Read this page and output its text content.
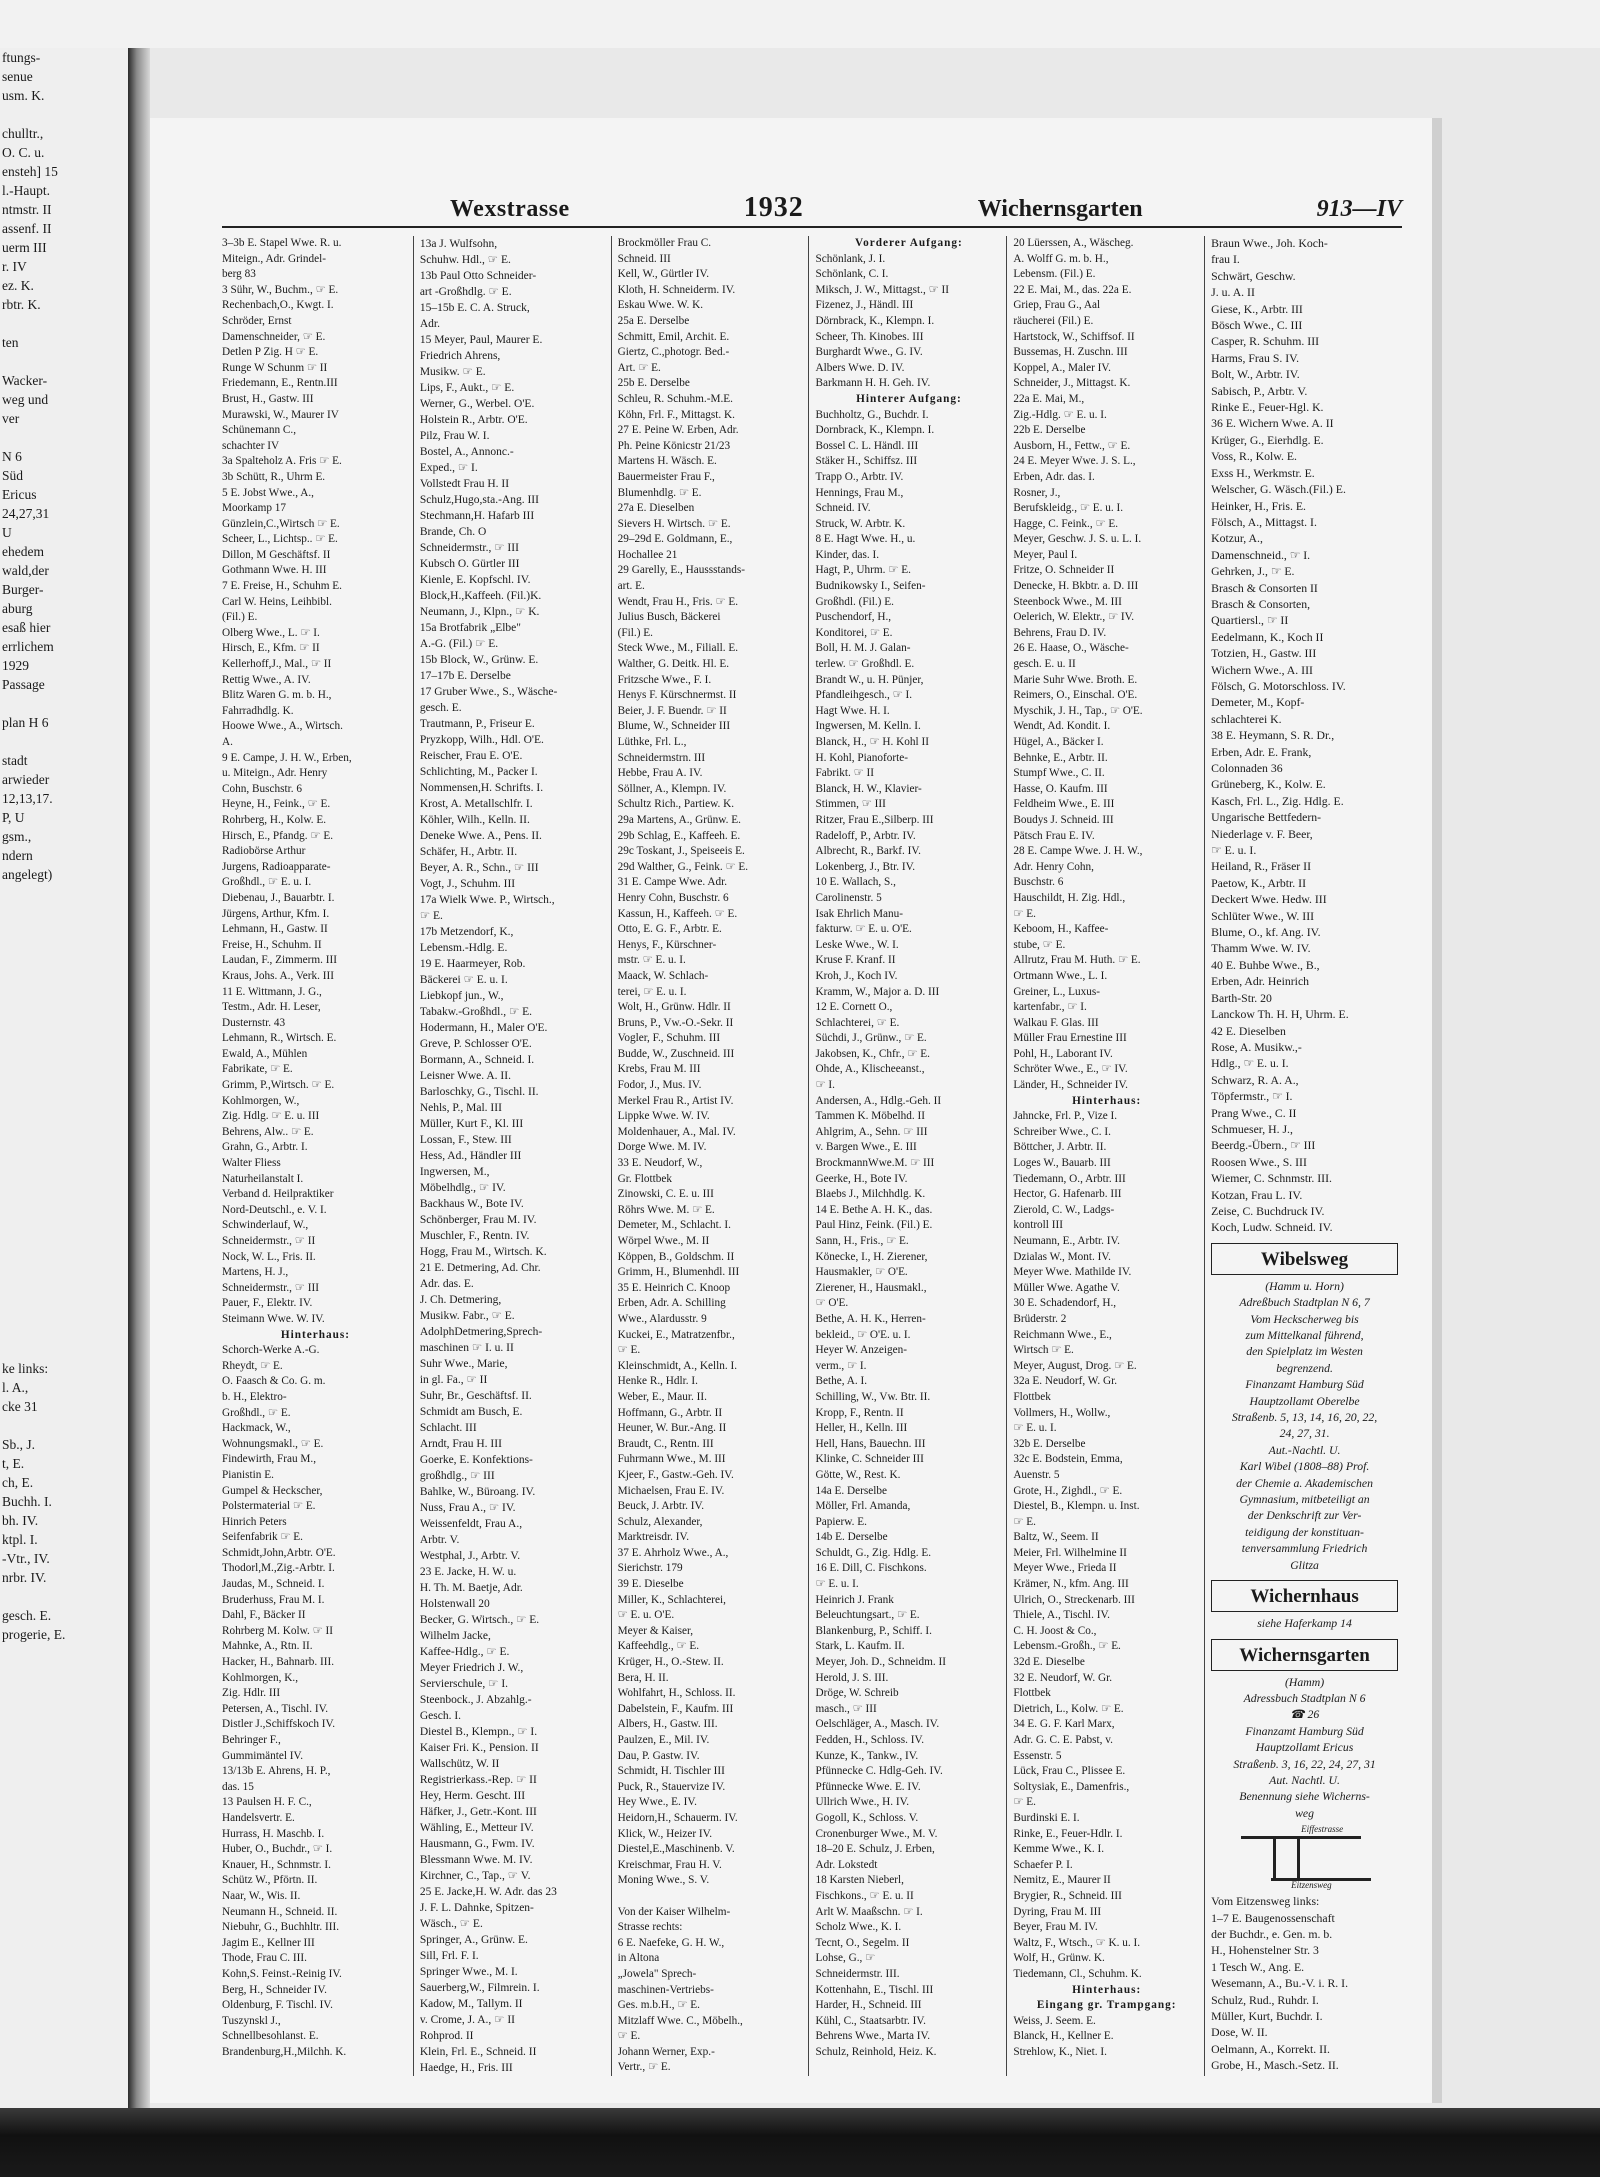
ftungs-
senue
usm. K.

chulltr.,
O. C. u.
ensteh] 15
l.-Haupt.
ntmstr. II
assenf. II
uerm III
r. IV
ez. K.
rbtr. K.

ten

Wacker-
weg und
ver

N 6
Süd
Ericus
24,27,31
U
ehedem
wald,der
Burger-
aburg
esaß hier
errlichem
1929
Passage

plan H 6

stadt
arwieder
12,13,17.
P, U
gsm.,
ndern
angelegt)

ke links:
l. A.,
cke 31

Sb., J.
t, E.
ch, E.
Buchh. I.
bh. IV.
ktpl. I.
-Vtr., IV.
nrbr. IV.

gesch. E.
progerie, E.
Wexstrasse	1932	Wichernsgarten	913—IV
3–3b E. Stapel Wwe. R. u.
Miteign., Adr. Grindel-
berg 83
3 Sühr, W., Buchm., ☞ E.
Rechenbach,O., Kwgt. I.
Schröder, Ernst
Damenschneider, ☞ E.
Detlen P Zig. H ☞ E.
Runge W Schunm ☞ II
Friedemann, E., Rentn.III
Brust, H., Gastw. III
Murawski, W., Maurer IV
Schünemann C.,
schachter IV
3a Spalteholz A. Fris ☞ E.
3b Schütt, R., Uhrm E.
5 E. Jobst Wwe., A.,
Moorkamp 17
Günzlein,C.,Wirtsch ☞ E.
Scheer, L., Lichtsp.. ☞ E.
Dillon, M Geschäftsf. II
Gothmann Wwe. H. III
7 E. Freise, H., Schuhm E.
Carl W. Heins, Leihbibl.
(Fil.) E.
Olberg Wwe., L. ☞ I.
Hirsch, E., Kfm. ☞ II
Kellerhoff,J., Mal., ☞ II
Rettig Wwe., A. IV.
Blitz Waren G. m. b. H.,
Fahrradhdlg. K.
Hoowe Wwe., A., Wirtsch.
A.
9 E. Campe, J. H. W., Erben,
u. Miteign., Adr. Henry
Cohn, Buschstr. 6
Heyne, H., Feink., ☞ E.
Rohrberg, H., Kolw. E.
Hirsch, E., Pfandg. ☞ E.
Radiobörse Arthur
Jurgens, Radioapparate-
Großhdl., ☞ E. u. I.
Diebenau, J., Bauarbtr. I.
Jürgens, Arthur, Kfm. I.
Lehmann, H., Gastw. II
Freise, H., Schuhm. II
Laudan, F., Zimmerm. III
Kraus, Johs. A., Verk. III
11 E. Wittmann, J. G.,
Testm., Adr. H. Leser,
Dusternstr. 43
Lehmann, R., Wirtsch. E.
Ewald, A., Mühlen
Fabrikate, ☞ E.
Grimm, P.,Wirtsch. ☞ E.
Kohlmorgen, W.,
Zig. Hdlg. ☞ E. u. III
Behrens, Alw.. ☞ E.
Grahn, G., Arbtr. I.
Walter Fliess
Naturheilanstalt I.
Verband d. Heilpraktiker
Nord-Deutschl., e. V. I.
Schwinderlauf, W.,
Schneidermstr., ☞ II
Nock, W. L., Fris. II.
Martens, H. J.,
Schneidermstr., ☞ III
Pauer, F., Elektr. IV.
Steimann Wwe. W. IV.
Hinterhaus:
Schorch-Werke A.-G.
Rheydt, ☞ E.
O. Faasch & Co. G. m.
b. H., Elektro-
Großhdl., ☞ E.
Hackmack, W.,
Wohnungsmakl., ☞ E.
Findewirth, Frau M.,
Pianistin E.
Gumpel & Heckscher,
Polstermaterial ☞ E.
Hinrich Peters
Seifenfabrik ☞ E.
Schmidt,John,Arbtr. O'E.
Thodorl,M.,Zig.-Arbtr. I.
Jaudas, M., Schneid. I.
Bruderhuss, Frau M. I.
Dahl, F., Bäcker II
Rohrberg M. Kolw. ☞ II
Mahnke, A., Rtn. II.
Hacker, H., Bahnarb. III.
Kohlmorgen, K.,
Zig. Hdlr. III
Petersen, A., Tischl. IV.
Distler J.,Schiffskoch IV.
Behringer F.,
Gummimäntel IV.
13/13b E. Ahrens, H. P.,
das. 15
13 Paulsen H. F. C.,
Handelsvertr. E.
Hurrass, H. Maschb. I.
Huber, O., Buchdr., ☞ I.
Knauer, H., Schnmstr. I.
Schütz W., Pförtn. II.
Naar, W., Wis. II.
Neumann H., Schneid. II.
Niebuhr, G., Buchhltr. III.
Jagim E., Kellner III
Thode, Frau C. III.
Kohn,S. Feinst.-Reinig IV.
Berg, H., Schneider IV.
Oldenburg, F. Tischl. IV.
Tuszynskl J.,
Schnellbesohlanst. E.
Brandenburg,H.,Milchh. K.
13a J. Wulfsohn,
Schuhw. Hdl., ☞ E.
13b Paul Otto Schneider-
art -Großhdlg. ☞ E.
15–15b E. C. A. Struck,
Adr.
15 Meyer, Paul, Maurer E.
Friedrich Ahrens,
Musikw. ☞ E.
Lips, F., Aukt., ☞ E.
Werner, G., Werbel. O'E.
Holstein R., Arbtr. O'E.
Pilz, Frau W. I.
Bostel, A., Annonc.-
Exped., ☞ I.
Vollstedt Frau H. II
Schulz,Hugo,sta.-Ang. III
Stechmann,H. Hafarb III
Brande, Ch. O
Schneidermstr., ☞ III
Kubsch O. Gürtler III
Kienle, E. Kopfschl. IV.
Block,H.,Kaffeeh. (Fil.)K.
Neumann, J., Klpn., ☞ K.
15a Brotfabrik „Elbe"
A.-G. (Fil.) ☞ E.
15b Block, W., Grünw. E.
17–17b E. Derselbe
17 Gruber Wwe., S., Wäsche-
gesch. E.
Trautmann, P., Friseur E.
Pryzkopp, Wilh., Hdl. O'E.
Reischer, Frau E. O'E.
Schlichting, M., Packer I.
Nommensen,H. Schrifts. I.
Krost, A. Metallschlfr. I.
Köhler, Wilh., Kelln. II.
Deneke Wwe. A., Pens. II.
Schäfer, H., Arbtr. II.
Beyer, A. R., Schn., ☞ III
Vogt, J., Schuhm. III
17a Wielk Wwe. P., Wirtsch.,
☞ E.
17b Metzendorf, K.,
Lebensm.-Hdlg. E.
19 E. Haarmeyer, Rob.
Bäckerei ☞ E. u. I.
Liebkopf jun., W.,
Tabakw.-Großhdl., ☞ E.
Hodermann, H., Maler O'E.
Greve, P. Schlosser O'E.
Bormann, A., Schneid. I.
Leisner Wwe. A. II.
Barloschky, G., Tischl. II.
Nehls, P., Mal. III
Müller, Kurt F., Kl. III
Lossan, F., Stew. III
Hess, Ad., Händler III
Ingwersen, M.,
Möbelhdlg., ☞ IV.
Backhaus W., Bote IV.
Schönberger, Frau M. IV.
Muschler, F., Rentn. IV.
Hogg, Frau M., Wirtsch. K.
21 E. Detmering, Ad. Chr.
Adr. das. E.
J. Ch. Detmering,
Musikw. Fabr., ☞ E.
AdolphDetmering,Sprech-
maschinen ☞ I. u. II
Suhr Wwe., Marie,
in gl. Fa., ☞ II
Suhr, Br., Geschäftsf. II.
Schmidt am Busch, E.
Schlacht. III
Arndt, Frau H. III
Goerke, E. Konfektions-
großhdlg., ☞ III
Bahlke, W., Büroang. IV.
Nuss, Frau A., ☞ IV.
Weissenfeldt, Frau A.,
Arbtr. V.
Westphal, J., Arbtr. V.
23 E. Jacke, H. W. u.
H. Th. M. Baetje, Adr.
Holstenwall 20
Becker, G. Wirtsch., ☞ E.
Wilhelm Jacke,
Kaffee-Hdlg., ☞ E.
Meyer Friedrich J. W.,
Servierschule, ☞ I.
Steenbock., J. Abzahlg.-
Gesch. I.
Diestel B., Klempn., ☞ I.
Kaiser Fri. K., Pension. II
Wallschütz, W. II
Registrierkass.-Rep. ☞ II
Hey, Herm. Gescht. III
Häfker, J., Getr.-Kont. III
Wähling, E., Metteur IV.
Hausmann, G., Fwm. IV.
Blessmann Wwe. M. IV.
Kirchner, C., Tap., ☞ V.
25 E. Jacke,H. W. Adr. das 23
J. F. L. Dahnke, Spitzen-
Wäsch., ☞ E.
Springer, A., Grünw. E.
Sill, Frl. F. I.
Springer Wwe., M. I.
Sauerberg,W., Filmrein. I.
Kadow, M., Tallym. II
v. Crome, J. A., ☞ II
Rohprod. II
Klein, Frl. E., Schneid. II
Haedge, H., Fris. III
Brockmöller Frau C.
Schneid. III
Kell, W., Gürtler IV.
Kloth, H. Schneiderm. IV.
Eskau Wwe. W. K.
25a E. Derselbe
Schmitt, Emil, Archit. E.
Giertz, C.,photogr. Bed.-
Art. ☞ E.
25b E. Derselbe
Schleu, R. Schuhm.-M.E.
Köhn, Frl. F., Mittagst. K.
27 E. Peine W. Erben, Adr.
Ph. Peine Könicstr 21/23
Martens H. Wäsch. E.
Bauermeister Frau F.,
Blumenhdlg. ☞ E.
27a E. Dieselben
Sievers H. Wirtsch. ☞ E.
29–29d E. Goldmann, E.,
Hochallee 21
29 Garelly, E., Haussstands-
art. E.
Wendt, Frau H., Fris. ☞ E.
Julius Busch, Bäckerei
(Fil.) E.
Steck Wwe., M., Filiall. E.
Walther, G. Deitk. Hl. E.
Fritzsche Wwe., F. I.
Henys F. Kürschnermst. II
Beier, J. F. Buendr. ☞ II
Blume, W., Schneider III
Lüthke, Frl. L.,
Schneidermstrn. III
Hebbe, Frau A. IV.
Söllner, A., Klempn. IV.
Schultz Rich., Partiew. K.
29a Martens, A., Grünw. E.
29b Schlag, E., Kaffeeh. E.
29c Toskant, J., Speiseeis E.
29d Walther, G., Feink. ☞ E.
31 E. Campe Wwe. Adr.
Henry Cohn, Buschstr. 6
Kassun, H., Kaffeeh. ☞ E.
Otto, E. G. F., Arbtr. E.
Henys, F., Kürschner-
mstr. ☞ E. u. I.
Maack, W. Schlach-
terei, ☞ E. u. I.
Wolt, H., Grünw. Hdlr. II
Bruns, P., Vw.-O.-Sekr. II
Vogler, F., Schuhm. III
Budde, W., Zuschneid. III
Krebs, Frau M. III
Fodor, J., Mus. IV.
Merkel Frau R., Artist IV.
Lippke Wwe. W. IV.
Moldenhauer, A., Mal. IV.
Dorge Wwe. M. IV.
33 E. Neudorf, W.,
Gr. Flottbek
Zinowski, C. E. u. III
Röhrs Wwe. M. ☞ E.
Demeter, M., Schlacht. I.
Wörpel Wwe., M. II
Köppen, B., Goldschm. II
Grimm, H., Blumenhdl. III
35 E. Heinrich C. Knoop
Erben, Adr. A. Schilling
Wwe., Alardusstr. 9
Kuckei, E., Matratzenfbr.,
☞ E.
Kleinschmidt, A., Kelln. I.
Henke R., Hdlr. I.
Weber, E., Maur. II.
Hoffmann, G., Arbtr. II
Heuner, W. Bur.-Ang. II
Braudt, C., Rentn. III
Fuhrmann Wwe., M. III
Kjeer, F., Gastw.-Geh. IV.
Michaelsen, Frau E. IV.
Beuck, J. Arbtr. IV.
Schulz, Alexander,
Marktreisdr. IV.
37 E. Ahrholz Wwe., A.,
Sierichstr. 179
39 E. Dieselbe
Miller, K., Schlachterei,
☞ E. u. O'E.
Meyer & Kaiser,
Kaffeehdlg., ☞ E.
Krüger, H., O.-Stew. II.
Bera, H. II.
Wohlfahrt, H., Schloss. II.
Dabelstein, F., Kaufm. III
Albers, H., Gastw. III.
Paulzen, E., Mil. IV.
Dau, P. Gastw. IV.
Schmidt, H. Tischler III
Puck, R., Stauervize IV.
Hey Wwe., E. IV.
Heidorn,H., Schauerm. IV.
Klick, W., Heizer IV.
Diestel,E.,Maschinenb. V.
Kreischmar, Frau H. V.
Moning Wwe., S. V.

Von der Kaiser Wilhelm-
Strasse rechts:
6 E. Naefeke, G. H. W.,
in Altona
„Jowela" Sprech-
maschinen-Vertriebs-
Ges. m.b.H., ☞ E.
Mitzlaff Wwe. C., Möbelh.,
☞ E.
Johann Werner, Exp.-
Vertr., ☞ E.
Vorderer Aufgang:
Schönlank, J. I.
Schönlank, C. I.
Miksch, J. W., Mittagst., ☞ II
Fizenez, J., Händl. III
Dörnbrack, K., Klempn. I.
Scheer, Th. Kinobes. III
Burghardt Wwe., G. IV.
Albers Wwe. D. IV.
Barkmann H. H. Geh. IV.
Hinterer Aufgang:
Buchholtz, G., Buchdr. I.
Dornbrack, K., Klempn. I.
Bossel C. L. Händl. III
Stäker H., Schiffsz. III
Trapp O., Arbtr. IV.
Hennings, Frau M.,
Schneid. IV.
Struck, W. Arbtr. K.
8 E. Hagt Wwe. H., u.
Kinder, das. I.
Hagt, P., Uhrm. ☞ E.
Budnikowsky I., Seifen-
Großhdl. (Fil.) E.
Puschendorf, H.,
Konditorei, ☞ E.
Boll, H. M. J. Galan-
terlew. ☞ Großhdl. E.
Brandt W., u. H. Pünjer,
Pfandleihgesch., ☞ I.
Hagt Wwe. H. I.
Ingwersen, M. Kelln. I.
Blanck, H., ☞ H. Kohl II
H. Kohl, Pianoforte-
Fabrikt. ☞ II
Blanck, H. W., Klavier-
Stimmen, ☞ III
Ritzer, Frau E.,Silberp. III
Radeloff, P., Arbtr. IV.
Albrecht, R., Barkf. IV.
Lokenberg, J., Btr. IV.
10 E. Wallach, S.,
Carolinenstr. 5
Isak Ehrlich Manu-
fakturw. ☞ E. u. O'E.
Leske Wwe., W. I.
Kruse F. Kranf. II
Kroh, J., Koch IV.
Kramm, W., Major a. D. III
12 E. Cornett O.,
Schlachterei, ☞ E.
Süchdi, J., Grünw., ☞ E.
Jakobsen, K., Chfr., ☞ E.
Ohde, A., Klischeeanst.,
☞ I.
Andersen, A., Hdlg.-Geh. II
Tammen K. Möbelhd. II
Ahlgrim, A., Sehn. ☞ III
v. Bargen Wwe., E. III
BrockmannWwe.M. ☞ III
Geerke, H., Bote IV.
Blaebs J., Milchhdlg. K.
14 E. Bethe A. H. K., das.
Paul Hinz, Feink. (Fil.) E.
Sann, H., Fris., ☞ E.
Könecke, I., H. Zierener,
Hausmakler, ☞ O'E.
Zierener, H., Hausmakl.,
☞ O'E.
Bethe, A. H. K., Herren-
bekleid., ☞ O'E. u. I.
Heyer W. Anzeigen-
verm., ☞ I.
Bethe, A. I.
Schilling, W., Vw. Btr. II.
Kropp, F., Rentn. II
Heller, H., Kelln. III
Hell, Hans, Bauechn. III
Klinke, C. Schneider III
Götte, W., Rest. K.
14a E. Derselbe
Möller, Frl. Amanda,
Papierw. E.
14b E. Derselbe
Schuldt, G., Zig. Hdlg. E.
16 E. Dill, C. Fischkons.
☞ E. u. I.
Heinrich J. Frank
Beleuchtungsart., ☞ E.
Blankenburg, P., Schiff. I.
Stark, L. Kaufm. II.
Meyer, Joh. D., Schneidm. II
Herold, J. S. III.
Dröge, W. Schreib
masch., ☞ III
Oelschläger, A., Masch. IV.
Fedden, H., Schloss. IV.
Kunze, K., Tankw., IV.
Pfünnecke C. Hdlg-Geh. IV.
Pfünnecke Wwe. E. IV.
Ullrich Wwe., H. IV.
Gogoll, K., Schloss. V.
Cronenburger Wwe., M. V.
18–20 E. Schulz, J. Erben,
Adr. Lokstedt
18 Karsten Nieberl,
Fischkons., ☞ E. u. II
Arlt W. Maaßschn. ☞ I.
Scholz Wwe., K. I.
Tecnt, O., Segelm. II
Lohse, G., ☞
Schneidermstr. III.
Kottenhahn, E., Tischl. III
Harder, H., Schneid. III
Kühl, C., Staatsarbtr. IV.
Behrens Wwe., Marta IV.
Schulz, Reinhold, Heiz. K.
20 Lüerssen, A., Wäscheg.
A. Wolff G. m. b. H.,
Lebensm. (Fil.) E.
22 E. Mai, M., das. 22a E.
Griep, Frau G., Aal
räucherei (Fil.) E.
Hartstock, W., Schiffsof. II
Bussemas, H. Zuschn. III
Koppel, A., Maler IV.
Schneider, J., Mittagst. K.
22a E. Mai, M.,
Zig.-Hdlg. ☞ E. u. I.
22b E. Derselbe
Ausborn, H., Fettw., ☞ E.
24 E. Meyer Wwe. J. S. L.,
Erben, Adr. das. I.
Rosner, J.,
Berufskleidg., ☞ E. u. I.
Hagge, C. Feink., ☞ E.
Meyer, Geschw. J. S. u. L. I.
Meyer, Paul I.
Fritze, O. Schneider II
Denecke, H. Bkbtr. a. D. III
Steenbock Wwe., M. III
Oelerich, W. Elektr., ☞ IV.
Behrens, Frau D. IV.
26 E. Haase, O., Wäsche-
gesch. E. u. II
Marie Suhr Wwe. Broth. E.
Reimers, O., Einschal. O'E.
Myschik, J. H., Tap., ☞ O'E.
Wendt, Ad. Kondit. I.
Hügel, A., Bäcker I.
Behnke, E., Arbtr. II.
Stumpf Wwe., C. II.
Hasse, O. Kaufm. III
Feldheim Wwe., E. III
Boudys J. Schneid. III
Pätsch Frau E. IV.
28 E. Campe Wwe. J. H. W.,
Adr. Henry Cohn,
Buschstr. 6
Hauschildt, H. Zig. Hdl.,
☞ E.
Keboom, H., Kaffee-
stube, ☞ E.
Allrutz, Frau M. Huth. ☞ E.
Ortmann Wwe., L. I.
Greiner, L., Luxus-
kartenfabr., ☞ I.
Walkau F. Glas. III
Müller Frau Ernestine III
Pohl, H., Laborant IV.
Schröter Wwe., E., ☞ IV.
Länder, H., Schneider IV.
Hinterhaus:
Jahncke, Frl. P., Vize I.
Schreiber Wwe., C. I.
Böttcher, J. Arbtr. II.
Loges W., Bauarb. III
Tiedemann, O., Arbtr. III
Hector, G. Hafenarb. III
Zierold, C. W., Ladgs-
kontroll III
Neumann, E., Arbtr. IV.
Dzialas W., Mont. IV.
Meyer Wwe. Mathilde IV.
Müller Wwe. Agathe V.
30 E. Schadendorf, H.,
Brüderstr. 2
Reichmann Wwe., E.,
Wirtsch ☞ E.
Meyer, August, Drog. ☞ E.
32a E. Neudorf, W. Gr.
Flottbek
Vollmers, H., Wollw.,
☞ E. u. I.
32b E. Derselbe
32c E. Bodstein, Emma,
Auenstr. 5
Grote, H., Zighdl., ☞ E.
Diestel, B., Klempn. u. Inst.
☞ E.
Baltz, W., Seem. II
Meier, Frl. Wilhelmine II
Meyer Wwe., Frieda II
Krämer, N., kfm. Ang. III
Ulrich, O., Streckenarb. III
Thiele, A., Tischl. IV.
C. H. Joost & Co.,
Lebensm.-Großh., ☞ E.
32d E. Dieselbe
32 E. Neudorf, W. Gr.
Flottbek
Dietrich, L., Kolw. ☞ E.
34 E. G. F. Karl Marx,
Adr. G. C. E. Pabst, v.
Essenstr. 5
Lück, Frau C., Plissee E.
Soltysiak, E., Damenfris.,
☞ E.
Burdinski E. I.
Rinke, E., Feuer-Hdlr. I.
Kemme Wwe., K. I.
Schaefer P. I.
Nemitz, E., Maurer II
Brygier, R., Schneid. III
Dyring, Frau M. III
Beyer, Frau M. IV.
Waltz, F., Wtsch., ☞ K. u. I.
Wolf, H., Grünw. K.
Tiedemann, Cl., Schuhm. K.
Hinterhaus:
Eingang gr. Trampgang:
Weiss, J. Seem. E.
Blanck, H., Kellner E.
Strehlow, K., Niet. I.
Braun Wwe., Joh. Koch-
frau I.
Schwärt, Geschw.
J. u. A. II
Giese, K., Arbtr. III
Bösch Wwe., C. III
Casper, R. Schuhm. III
Harms, Frau S. IV.
Bolt, W., Arbtr. IV.
Sabisch, P., Arbtr. V.
Rinke E., Feuer-Hgl. K.
36 E. Wichern Wwe. A. II
Krüger, G., Eierhdlg. E.
Voss, R., Kolw. E.
Exss H., Werkmstr. E.
Welscher, G. Wäsch.(Fil.) E.
Heinker, H., Fris. E.
Fölsch, A., Mittagst. I.
Kotzur, A.,
Damenschneid., ☞ I.
Gehrken, J., ☞ E.
Brasch & Consorten II
Brasch & Consorten,
Quartiersl., ☞ II
Eedelmann, K., Koch II
Totzien, H., Gastw. III
Wichern Wwe., A. III
Fölsch, G. Motorschloss. IV.
Demeter, M., Kopf-
schlachterei K.
38 E. Heymann, S. R. Dr.,
Erben, Adr. E. Frank,
Colonnaden 36
Grüneberg, K., Kolw. E.
Kasch, Frl. L., Zig. Hdlg. E.
Ungarische Bettfedern-
Niederlage v. F. Beer,
☞ E. u. I.
Heiland, R., Fräser II
Paetow, K., Arbtr. II
Deckert Wwe. Hedw. III
Schlüter Wwe., W. III
Blume, O., kf. Ang. IV.
Thamm Wwe. W. IV.
40 E. Buhbe Wwe., B.,
Erben, Adr. Heinrich
Barth-Str. 20
Lanckow Th. H. H, Uhrm. E.
42 E. Dieselben
Rose, A. Musikw.,-
Hdlg., ☞ E. u. I.
Schwarz, R. A. A.,
Töpfermstr., ☞ I.
Prang Wwe., C. II
Schmueser, H. J.,
Beerdg.-Übern., ☞ III
Roosen Wwe., S. III
Wiemer, C. Schnmstr. III.
Kotzan, Frau L. IV.
Zeise, C. Buchdruck IV.
Koch, Ludw. Schneid. IV.
Wibelsweg
(Hamm u. Horn)
Adreßbuch Stadtplan N 6, 7
Vom Heckscherweg bis
zum Mittelkanal führend,
den Spielplatz im Westen
begrenzend.
Finanzamt Hamburg Süd
Hauptzollamt Oberelbe
Straßenb. 5, 13, 14, 16, 20, 22,
24, 27, 31.
Aut.-Nachtl. U.
Karl Wibel (1808–88) Prof.
der Chemie a. Akademischen
Gymnasium, mitbeteiligt an
der Denkschrift zur Ver-
teidigung der konstituan-
tenversammlung Friedrich
Glitza
Wichernhaus
siehe Haferkamp 14
Wichernsgarten
(Hamm)
Adressbuch Stadtplan N 6
☎ 26
Finanzamt Hamburg Süd
Hauptzollamt Ericus
Straßenb. 3, 16, 22, 24, 27, 31
Aut. Nachtl. U.
Benennung siehe Wicherns-
weg
Eiffestrasse
Eitzensweg
Vom Eitzensweg links:
1–7 E. Baugenossenschaft
der Buchdr., e. Gen. m. b.
H., Hohenstelner Str. 3
1 Tesch W., Ang. E.
Wesemann, A., Bu.-V. i. R. I.
Schulz, Rud., Ruhdr. I.
Müller, Kurt, Buchdr. I.
Dose, W. II.
Oelmann, A., Korrekt. II.
Grobe, H., Masch.-Setz. II.
